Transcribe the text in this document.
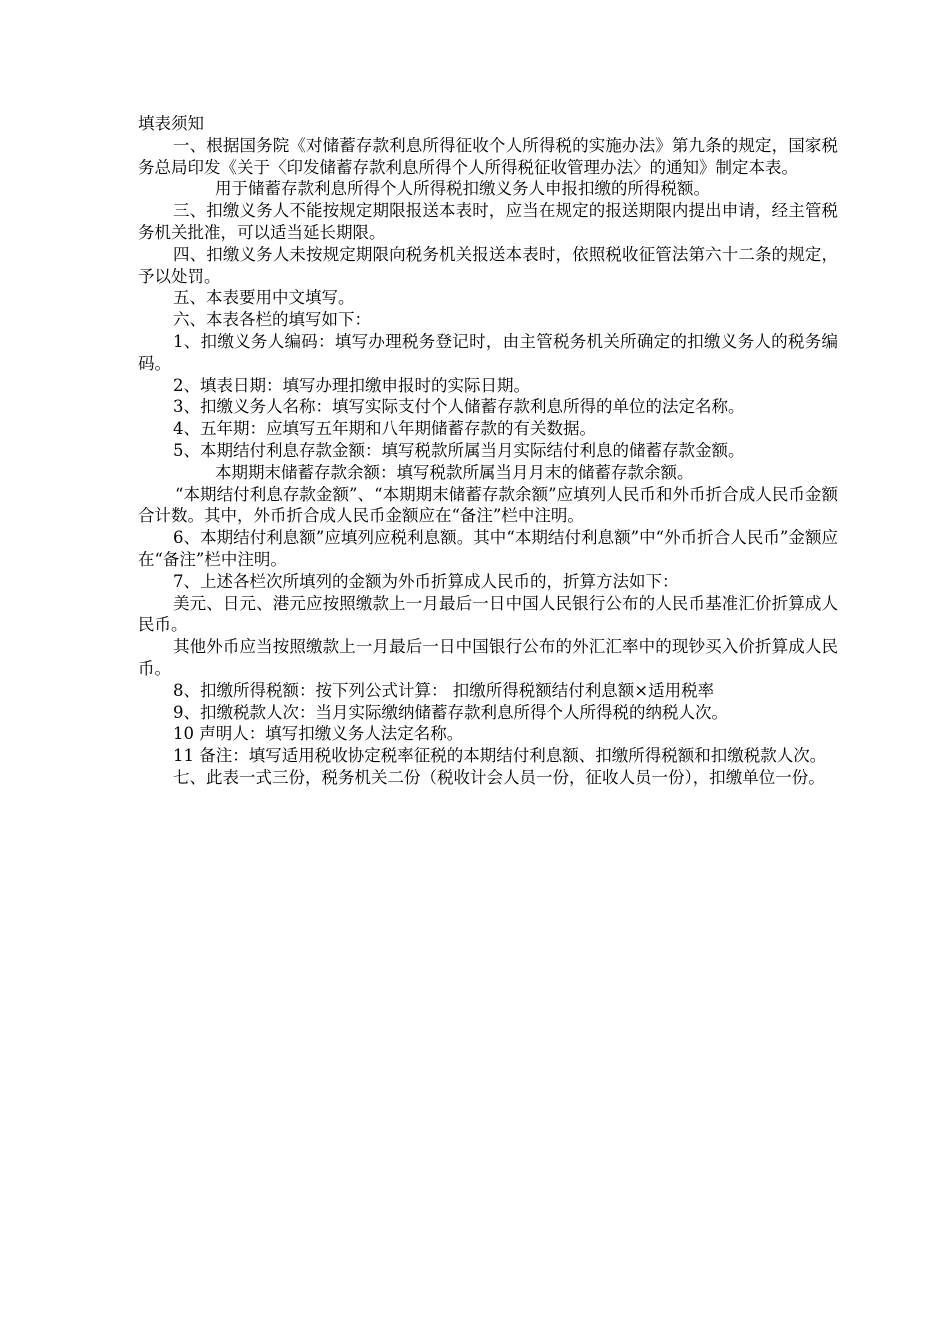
填表须知

一、根据国务院《对储蓄存款利息所得征收个人所得税的实施办法》第九条的规定，国家税务总局印发《关于〈印发储蓄存款利息所得个人所得税征收管理办法〉的通知》制定本表。

用于储蓄存款利息所得个人所得税扣缴义务人申报扣缴的所得税额。

三、扣缴义务人不能按规定期限报送本表时，应当在规定的报送期限内提出申请，经主管税务机关批准，可以适当延长期限。

四、扣缴义务人未按规定期限向税务机关报送本表时，依照税收征管法第六十二条的规定，予以处罚。

五、本表要用中文填写。

六、本表各栏的填写如下：

1、扣缴义务人编码：填写办理税务登记时，由主管税务机关所确定的扣缴义务人的税务编码。

2、填表日期：填写办理扣缴申报时的实际日期。

3、扣缴义务人名称：填写实际支付个人储蓄存款利息所得的单位的法定名称。

4、五年期：应填写五年期和八年期储蓄存款的有关数据。

5、本期结付利息存款金额：填写税款所属当月实际结付利息的储蓄存款金额。

本期期末储蓄存款余额：填写税款所属当月月末的储蓄存款余额。

“本期结付利息存款金额”、“本期期末储蓄存款余额”应填列人民币和外币折合成人民币金额合计数。其中，外币折合成人民币金额应在“备注”栏中注明。

6、本期结付利息额”应填列应税利息额。其中“本期结付利息额”中“外币折合人民币”金额应在“备注”栏中注明。

7、上述各栏次所填列的金额为外币折算成人民币的，折算方法如下：

美元、日元、港元应按照缴款上一月最后一日中国人民银行公布的人民币基准汇价折算成人民币。

其他外币应当按照缴款上一月最后一日中国银行公布的外汇汇率中的现钞买入价折算成人民币。

8、扣缴所得税额：按下列公式计算： 扣缴所得税额结付利息额×适用税率

9、扣缴税款人次：当月实际缴纳储蓄存款利息所得个人所得税的纳税人次。

10 声明人：填写扣缴义务人法定名称。

11 备注：填写适用税收协定税率征税的本期结付利息额、扣缴所得税额和扣缴税款人次。

七、此表一式三份，税务机关二份（税收计会人员一份，征收人员一份），扣缴单位一份。
